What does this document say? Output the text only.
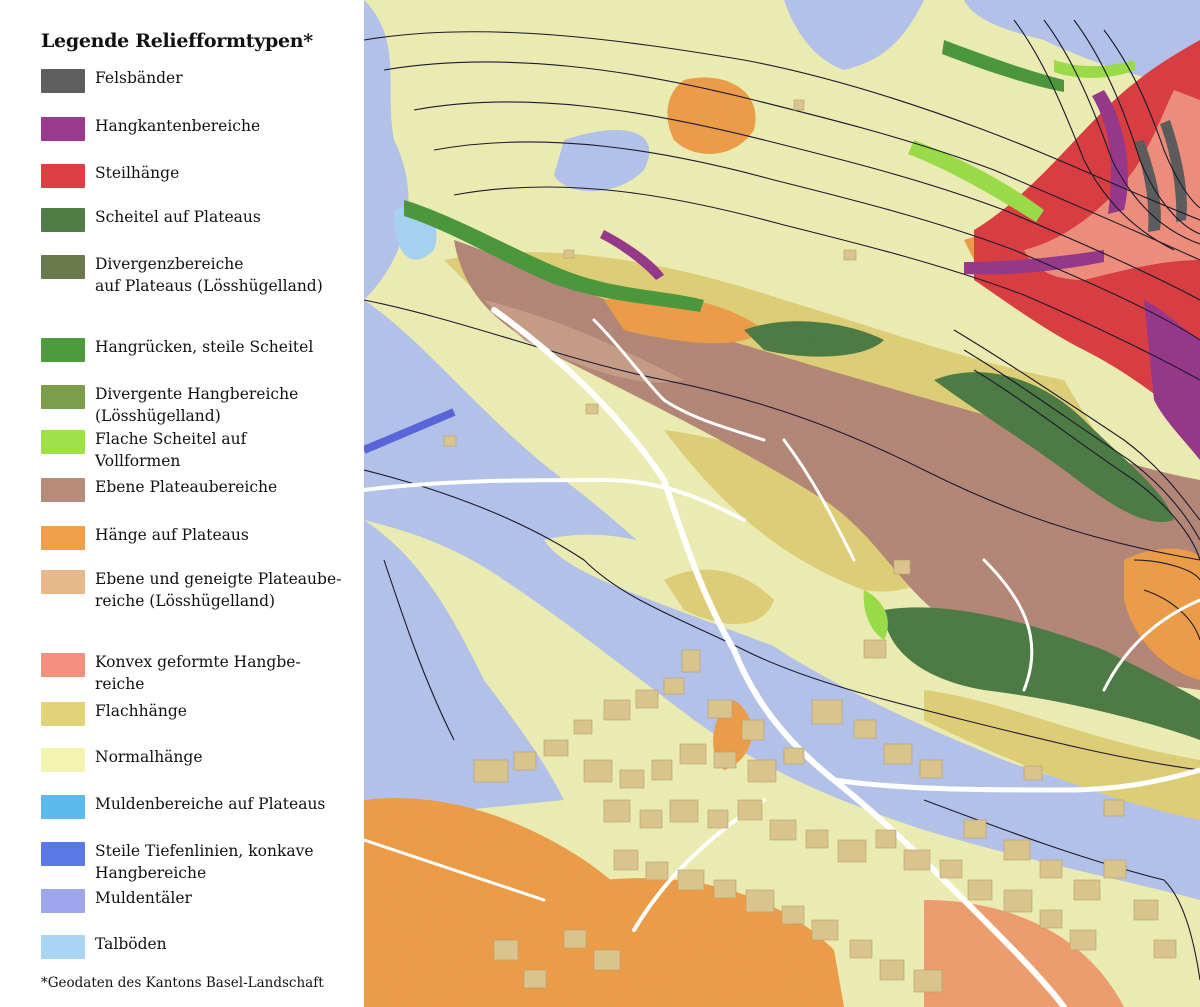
Legende Reliefformtypen*
Felsbänder
Hangkantenbereiche
Steilhänge
Scheitel auf Plateaus
Divergenzbereiche
auf Plateaus (Lösshügelland)
Hangrücken, steile Scheitel
Divergente Hangbereiche
(Lösshügelland)
Flache Scheitel auf
Vollformen
Ebene Plateaubereiche
Hänge auf Plateaus
Ebene und geneigte Plateaube-
reiche (Lösshügelland)
Konvex geformte Hangbe-
reiche
Flachhänge
Normalhänge
Muldenbereiche auf Plateaus
Steile Tiefenlinien, konkave
Hangbereiche
Muldentäler
Talböden
*Geodaten des Kantons Basel-Landschaft
